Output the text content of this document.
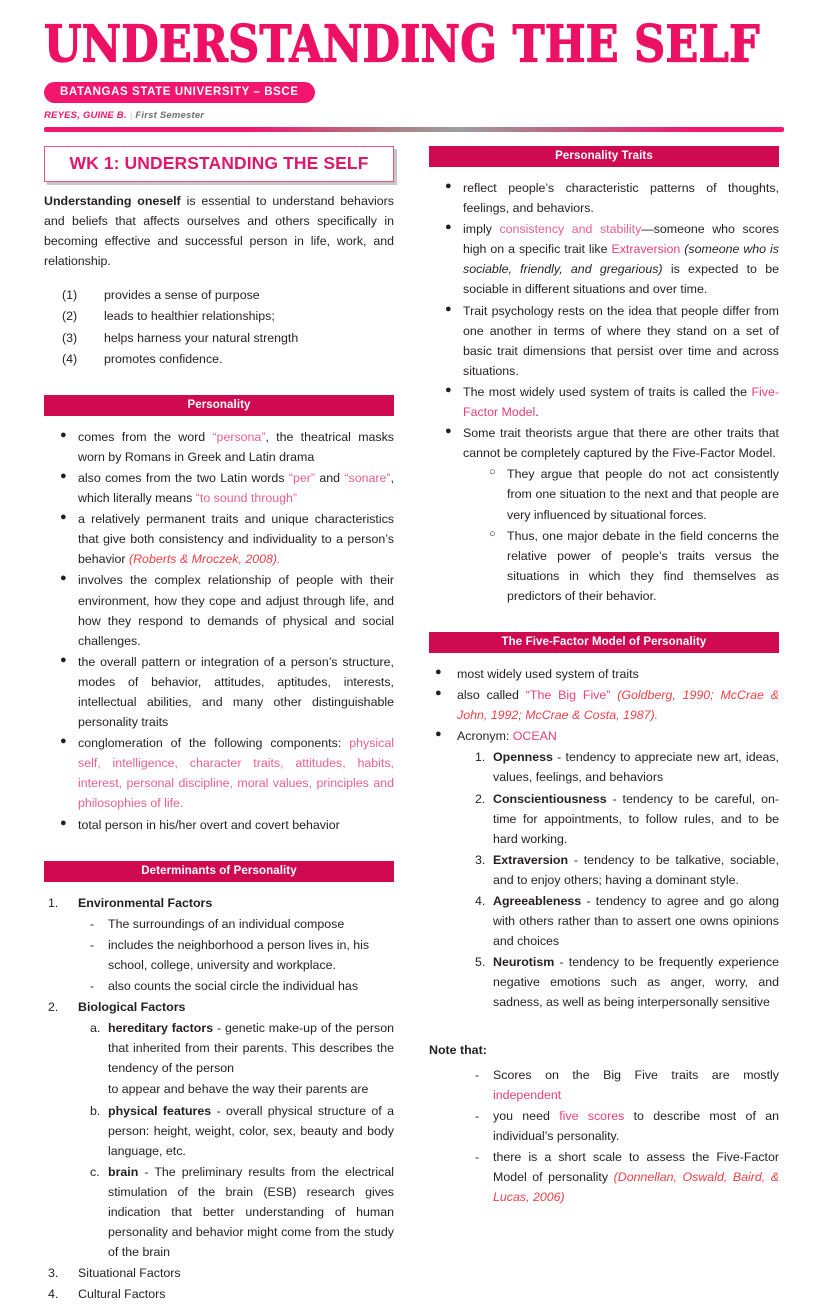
UNDERSTANDING THE SELF
BATANGAS STATE UNIVERSITY – BSCE
REYES, GUINE B. | First Semester
WK 1: UNDERSTANDING THE SELF
Understanding oneself is essential to understand behaviors and beliefs that affects ourselves and others specifically in becoming effective and successful person in life, work, and relationship.
(1)	provides a sense of purpose
(2)	leads to healthier relationships;
(3)	helps harness your natural strength
(4)	promotes confidence.
Personality
● comes from the word “persona”, the theatrical masks worn by Romans in Greek and Latin drama
● also comes from the two Latin words “per” and “sonare”, which literally means “to sound through”
● a relatively permanent traits and unique characteristics that give both consistency and individuality to a person’s behavior (Roberts & Mroczek, 2008).
● involves the complex relationship of people with their environment, how they cope and adjust through life, and how they respond to demands of physical and social challenges.
● the overall pattern or integration of a person’s structure, modes of behavior, attitudes, aptitudes, interests, intellectual abilities, and many other distinguishable personality traits
● conglomeration of the following components: physical self, intelligence, character traits, attitudes, habits, interest, personal discipline, moral values, principles and philosophies of life.
● total person in his/her overt and covert behavior
Determinants of Personality
1.	Environmental Factors
-	The surroundings of an individual compose
-	includes the neighborhood a person lives in, his school, college, university and workplace.
-	also counts the social circle the individual has
2.	Biological Factors
a. hereditary factors - genetic make-up of the person that inherited from their parents. This describes the tendency of the person
to appear and behave the way their parents are
b. physical features - overall physical structure of a person: height, weight, color, sex, beauty and body language, etc.
c. brain - The preliminary results from the electrical stimulation of the brain (ESB) research gives indication that better understanding of human personality and behavior might come from the study of the brain
3.	Situational Factors
4.	Cultural Factors
Personality Traits
● reflect people’s characteristic patterns of thoughts, feelings, and behaviors.
● imply consistency and stability—someone who scores high on a specific trait like Extraversion (someone who is sociable, friendly, and gregarious) is expected to be sociable in different situations and over time.
● Trait psychology rests on the idea that people differ from one another in terms of where they stand on a set of basic trait dimensions that persist over time and across situations.
● The most widely used system of traits is called the Five-Factor Model.
● Some trait theorists argue that there are other traits that cannot be completely captured by the Five-Factor Model.
○ They argue that people do not act consistently from one situation to the next and that people are very influenced by situational forces.
○ Thus, one major debate in the field concerns the relative power of people’s traits versus the situations in which they find themselves as predictors of their behavior.
The Five-Factor Model of Personality
●	most widely used system of traits
●	also called “The Big Five” (Goldberg, 1990; McCrae & John, 1992; McCrae & Costa, 1987).
●	Acronym: OCEAN
1. Openness - tendency to appreciate new art, ideas, values, feelings, and behaviors
2. Conscientiousness - tendency to be careful, on-time for appointments, to follow rules, and to be hard working.
3. Extraversion - tendency to be talkative, sociable, and to enjoy others; having a dominant style.
4. Agreeableness - tendency to agree and go along with others rather than to assert one owns opinions and choices
5. Neurotism - tendency to be frequently experience negative emotions such as anger, worry, and sadness, as well as being interpersonally sensitive
Note that:
-	Scores on the Big Five traits are mostly independent
-	you need five scores to describe most of an individual’s personality.
-	there is a short scale to assess the Five-Factor Model of personality (Donnellan, Oswald, Baird, & Lucas, 2006)
